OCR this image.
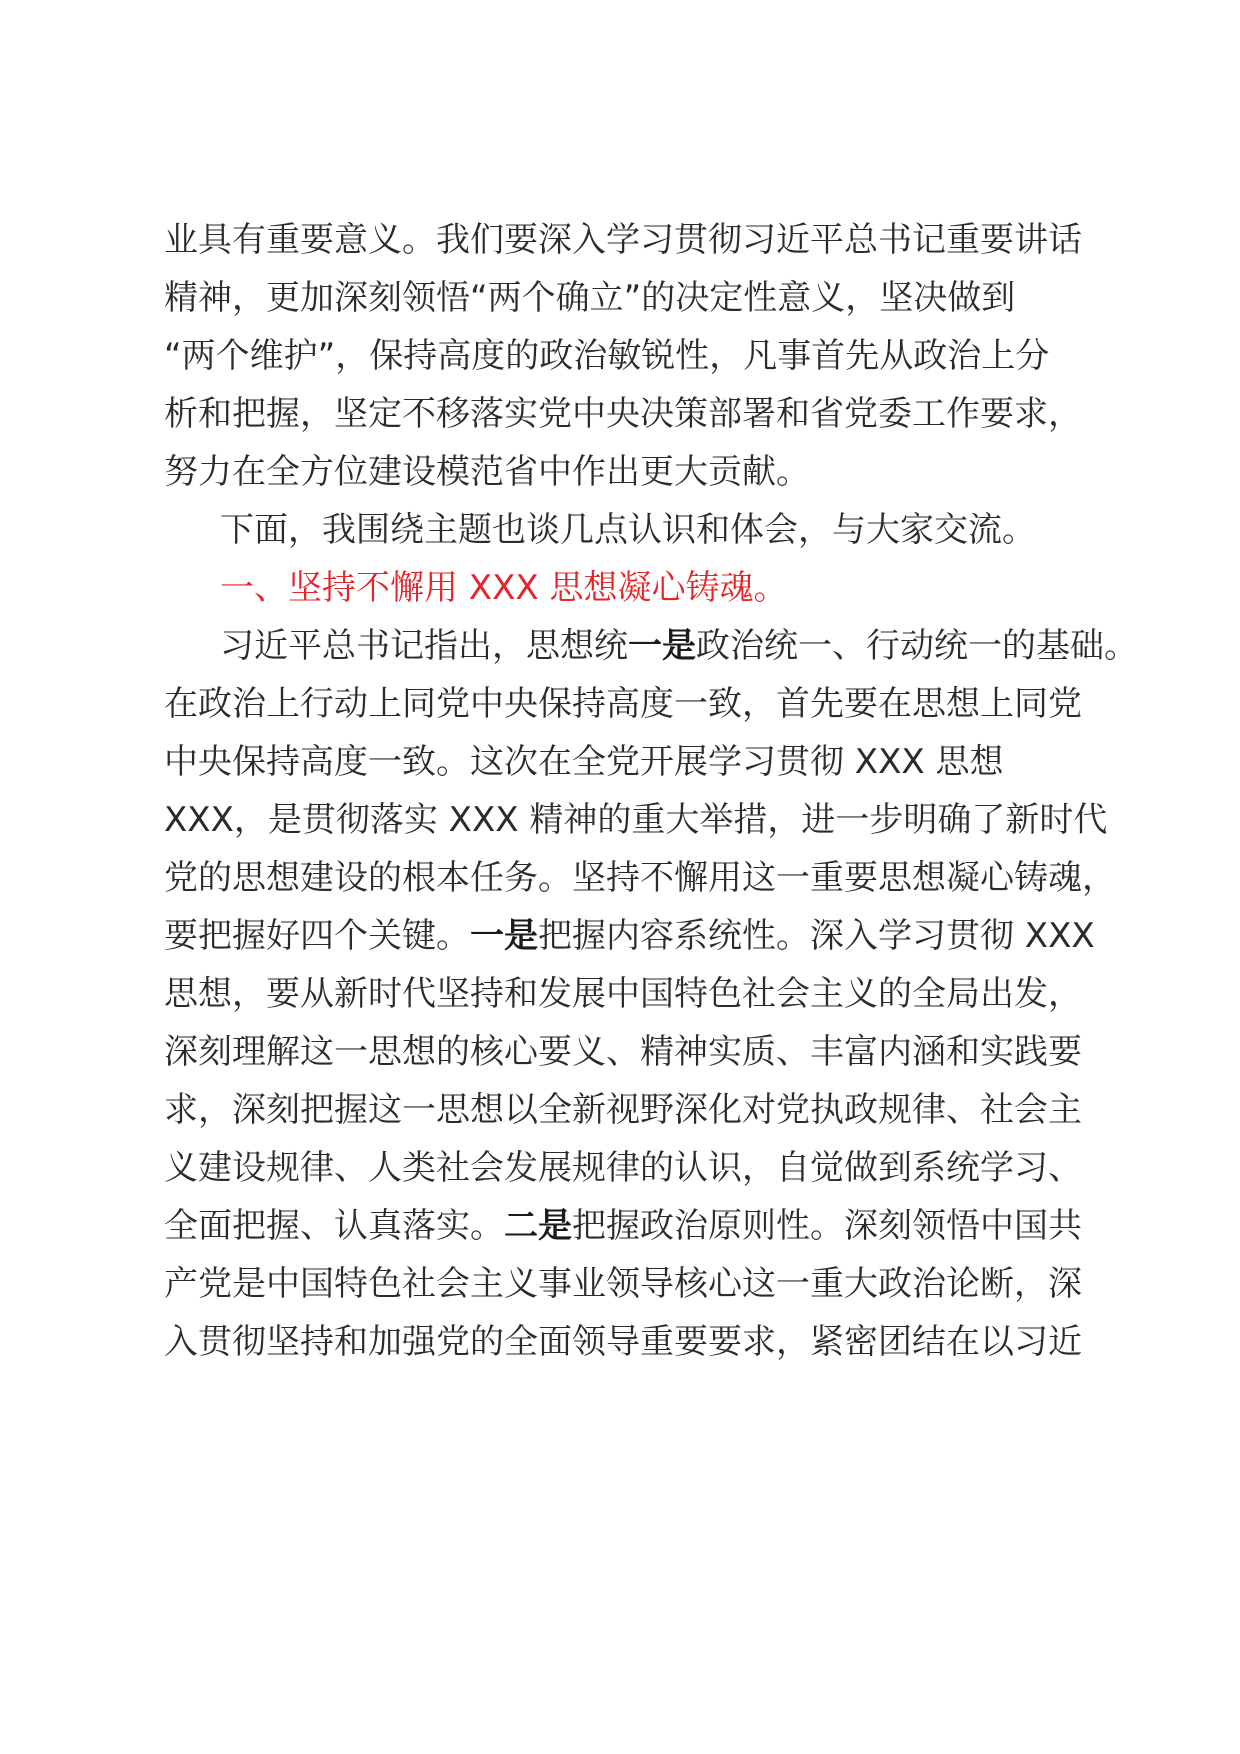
业具有重要意义。我们要深入学习贯彻习近平总书记重要讲话
精神，更加深刻领悟“两个确立”的决定性意义，坚决做到
“两个维护”，保持高度的政治敏锐性，凡事首先从政治上分
析和把握，坚定不移落实党中央决策部署和省党委工作要求，
努力在全方位建设模范省中作出更大贡献。
下面，我围绕主题也谈几点认识和体会，与大家交流。
一、坚持不懈用 XXX 思想凝心铸魂。
习近平总书记指出，思想统一是政治统一、行动统一的基础。
在政治上行动上同党中央保持高度一致，首先要在思想上同党
中央保持高度一致。这次在全党开展学习贯彻 XXX 思想
XXX，是贯彻落实 XXX 精神的重大举措，进一步明确了新时代
党的思想建设的根本任务。坚持不懈用这一重要思想凝心铸魂，
要把握好四个关键。一是把握内容系统性。深入学习贯彻 XXX
思想，要从新时代坚持和发展中国特色社会主义的全局出发，
深刻理解这一思想的核心要义、精神实质、丰富内涵和实践要
求，深刻把握这一思想以全新视野深化对党执政规律、社会主
义建设规律、人类社会发展规律的认识，自觉做到系统学习、
全面把握、认真落实。二是把握政治原则性。深刻领悟中国共
产党是中国特色社会主义事业领导核心这一重大政治论断，深
入贯彻坚持和加强党的全面领导重要要求，紧密团结在以习近
